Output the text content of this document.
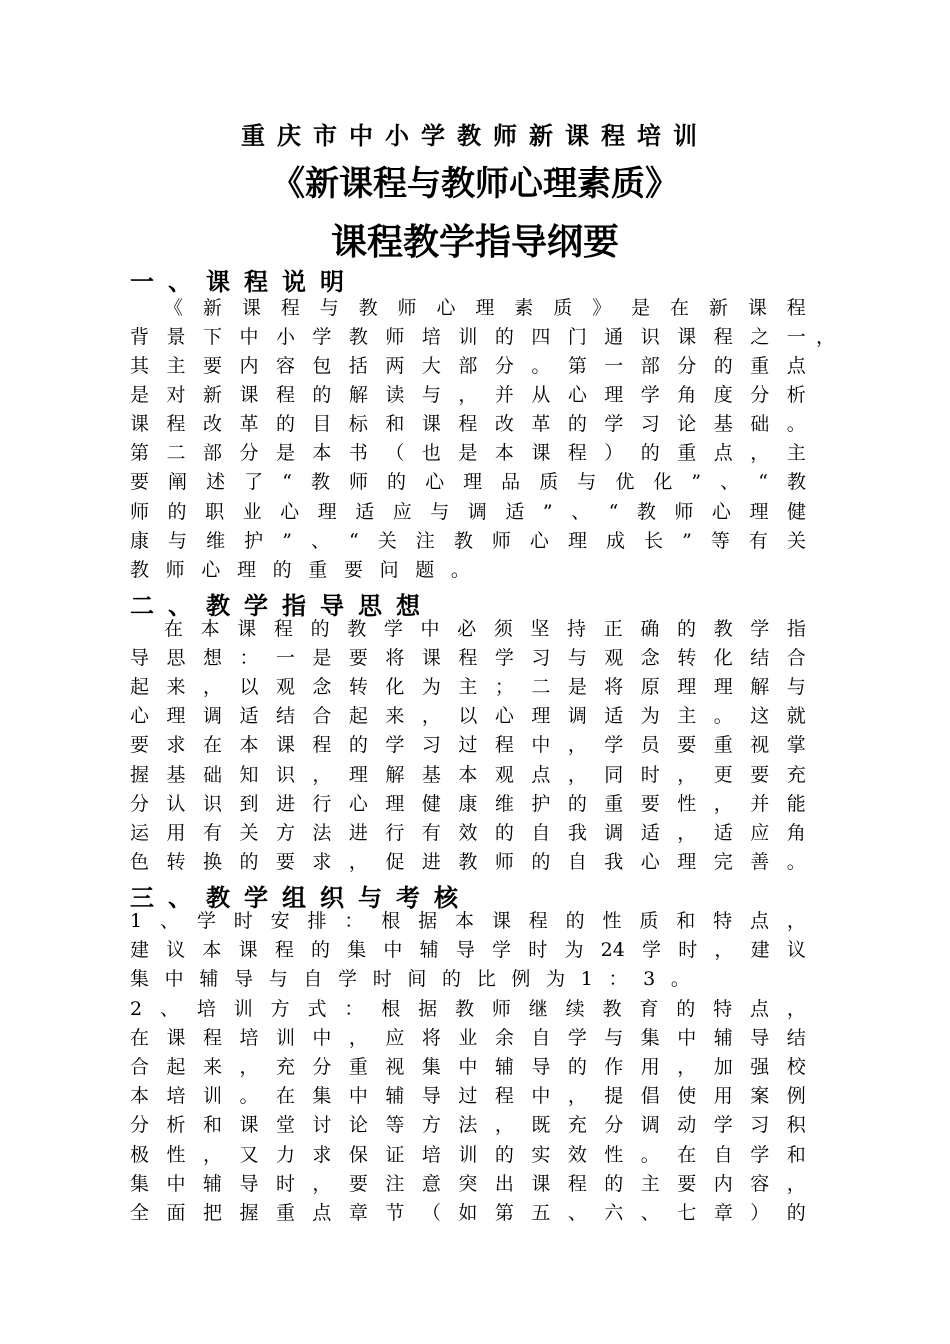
重庆市中小学教师新课程培训
《新课程与教师心理素质》
课程教学指导纲要
一、课程说明
《 新 课 程 与 教 师 心 理 素 质 》 是 在 新 课 程
背 景 下 中 小 学 教 师 培 训 的 四 门 通 识 课 程 之 一 ，
其 主 要 内 容 包 括 两 大 部 分 。 第 一 部 分 的 重 点
是 对 新 课 程 的 解 读 与 ， 并 从 心 理 学 角 度 分 析
课 程 改 革 的 目 标 和 课 程 改 革 的 学 习 论 基 础 。
第 二 部 分 是 本 书 （ 也 是 本 课 程 ） 的 重 点 ， 主
要 阐 述 了 “ 教 师 的 心 理 品 质 与 优 化 ” 、 “ 教
师 的 职 业 心 理 适 应 与 调 适 ” 、 “ 教 师 心 理 健
康 与 维 护 ” 、 “ 关 注 教 师 心 理 成 长 ” 等 有 关
教 师 心 理 的 重 要 问 题 。
二、教学指导思想
在 本 课 程 的 教 学 中 必 须 坚 持 正 确 的 教 学 指
导 思 想 ： 一 是 要 将 课 程 学 习 与 观 念 转 化 结 合
起 来 ， 以 观 念 转 化 为 主 ； 二 是 将 原 理 理 解 与
心 理 调 适 结 合 起 来 ， 以 心 理 调 适 为 主 。 这 就
要 求 在 本 课 程 的 学 习 过 程 中 ， 学 员 要 重 视 掌
握 基 础 知 识 ， 理 解 基 本 观 点 ， 同 时 ， 更 要 充
分 认 识 到 进 行 心 理 健 康 维 护 的 重 要 性 ， 并 能
运 用 有 关 方 法 进 行 有 效 的 自 我 调 适 ， 适 应 角
色 转 换 的 要 求 ， 促 进 教 师 的 自 我 心 理 完 善 。
三、教学组织与考核
1 、 学 时 安 排 ： 根 据 本 课 程 的 性 质 和 特 点 ，
建 议 本 课 程 的 集 中 辅 导 学 时 为 24 学 时 ， 建 议
集 中 辅 导 与 自 学 时 间 的 比 例 为 1 ： 3 。
2 、 培 训 方 式 ： 根 据 教 师 继 续 教 育 的 特 点 ，
在 课 程 培 训 中 ， 应 将 业 余 自 学 与 集 中 辅 导 结
合 起 来 ， 充 分 重 视 集 中 辅 导 的 作 用 ， 加 强 校
本 培 训 。 在 集 中 辅 导 过 程 中 ， 提 倡 使 用 案 例
分 析 和 课 堂 讨 论 等 方 法 ， 既 充 分 调 动 学 习 积
极 性 ， 又 力 求 保 证 培 训 的 实 效 性 。 在 自 学 和
集 中 辅 导 时 ， 要 注 意 突 出 课 程 的 主 要 内 容 ，
全 面 把 握 重 点 章 节 （ 如 第 五 、 六 、 七 章 ） 的
